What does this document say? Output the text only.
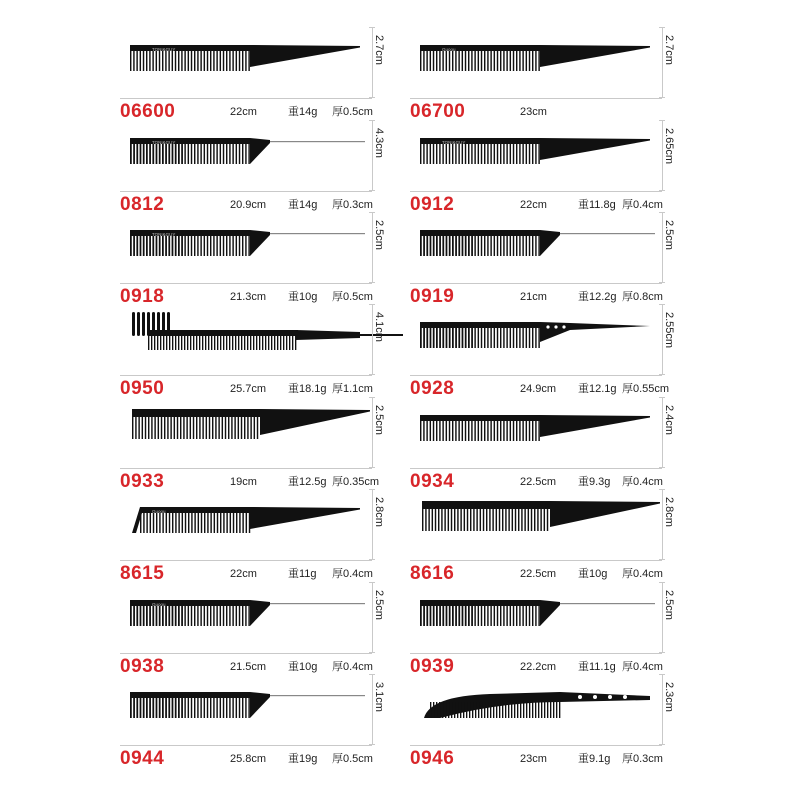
TONI&GUY	2.7cm
06600	22cm	重14g 厚0.5cm
Guoou	2.7cm
06700	23cm
TONI&GUY	4.3cm
0812	20.9cm 重14g 厚0.3cm
TONI&GUY	2.65cm
0912	22cm	重11.8g 厚0.4cm
TONI&GUY	2.5cm
0918	21.3cm 重10g 厚0.5cm
2.5cm
0919	21cm	重12.2g 厚0.8cm
4.1cm
0950	25.7cm 重18.1g 厚1.1cm
2.55cm
0928	24.9cm 重12.1g 厚0.55cm
2.5cm
0933	19cm	重12.5g 厚0.35cm
2.4cm
0934	22.5cm 重9.3g 厚0.4cm
Guoou	2.8cm
8615	22cm	重11g 厚0.4cm
2.8cm
8616	22.5cm 重10g 厚0.4cm
Guoou	2.5cm
0938	21.5cm 重10g 厚0.4cm
2.5cm
0939	22.2cm 重11.1g 厚0.4cm
3.1cm
0944	25.8cm 重19g 厚0.5cm
2.3cm
0946	23cm	重9.1g 厚0.3cm
